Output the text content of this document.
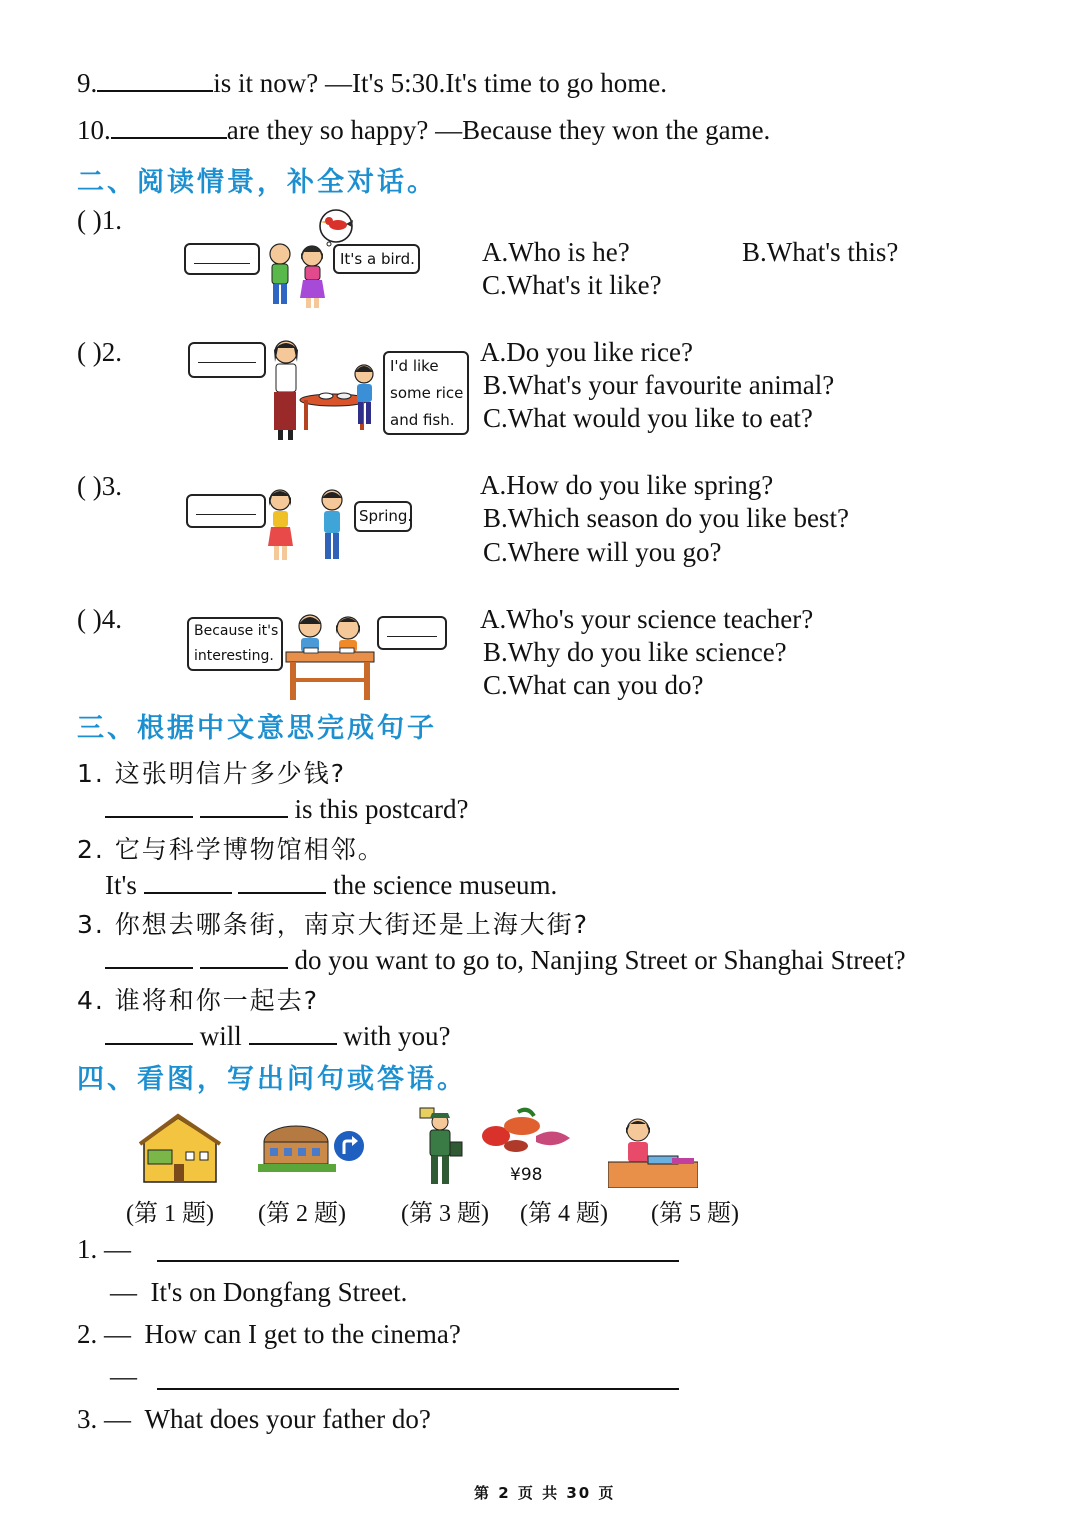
9.	is it now? —It's 5:30.It's time to go home.
10.	are they so happy? —Because they won the game.
二、阅读情景，补全对话。
( )1.
It's a bird. A.Who is he?	B.What's this?
C.What's it like?
( )2.	I'd like
some rice
and fish.
A.Do you like rice?
B.What's your favourite animal?
C.What would you like to eat?
( )3.
Spring.
A.How do you like spring?
B.Which season do you like best?
C.Where will you go?
( )4.	Because it's
interesting.
A.Who's your science teacher?
B.Why do you like science?
C.What can you do?
三、根据中文意思完成句子
1. 这张明信片多少钱?
is this postcard?
2. 它与科学博物馆相邻。
It's	the science museum.
3. 你想去哪条街，南京大街还是上海大街?
do you want to go to, Nanjing Street or Shanghai Street?
4. 谁将和你一起去?
will	with you?
四、看图，写出问句或答语。
¥98
(第 1 题) (第 2 题) (第 3 题) (第 4 题) (第 5 题)
1. —
— It's on Dongfang Street.
2. — How can I get to the cinema?
—
3. — What does your father do?
第 2 页 共 30 页
